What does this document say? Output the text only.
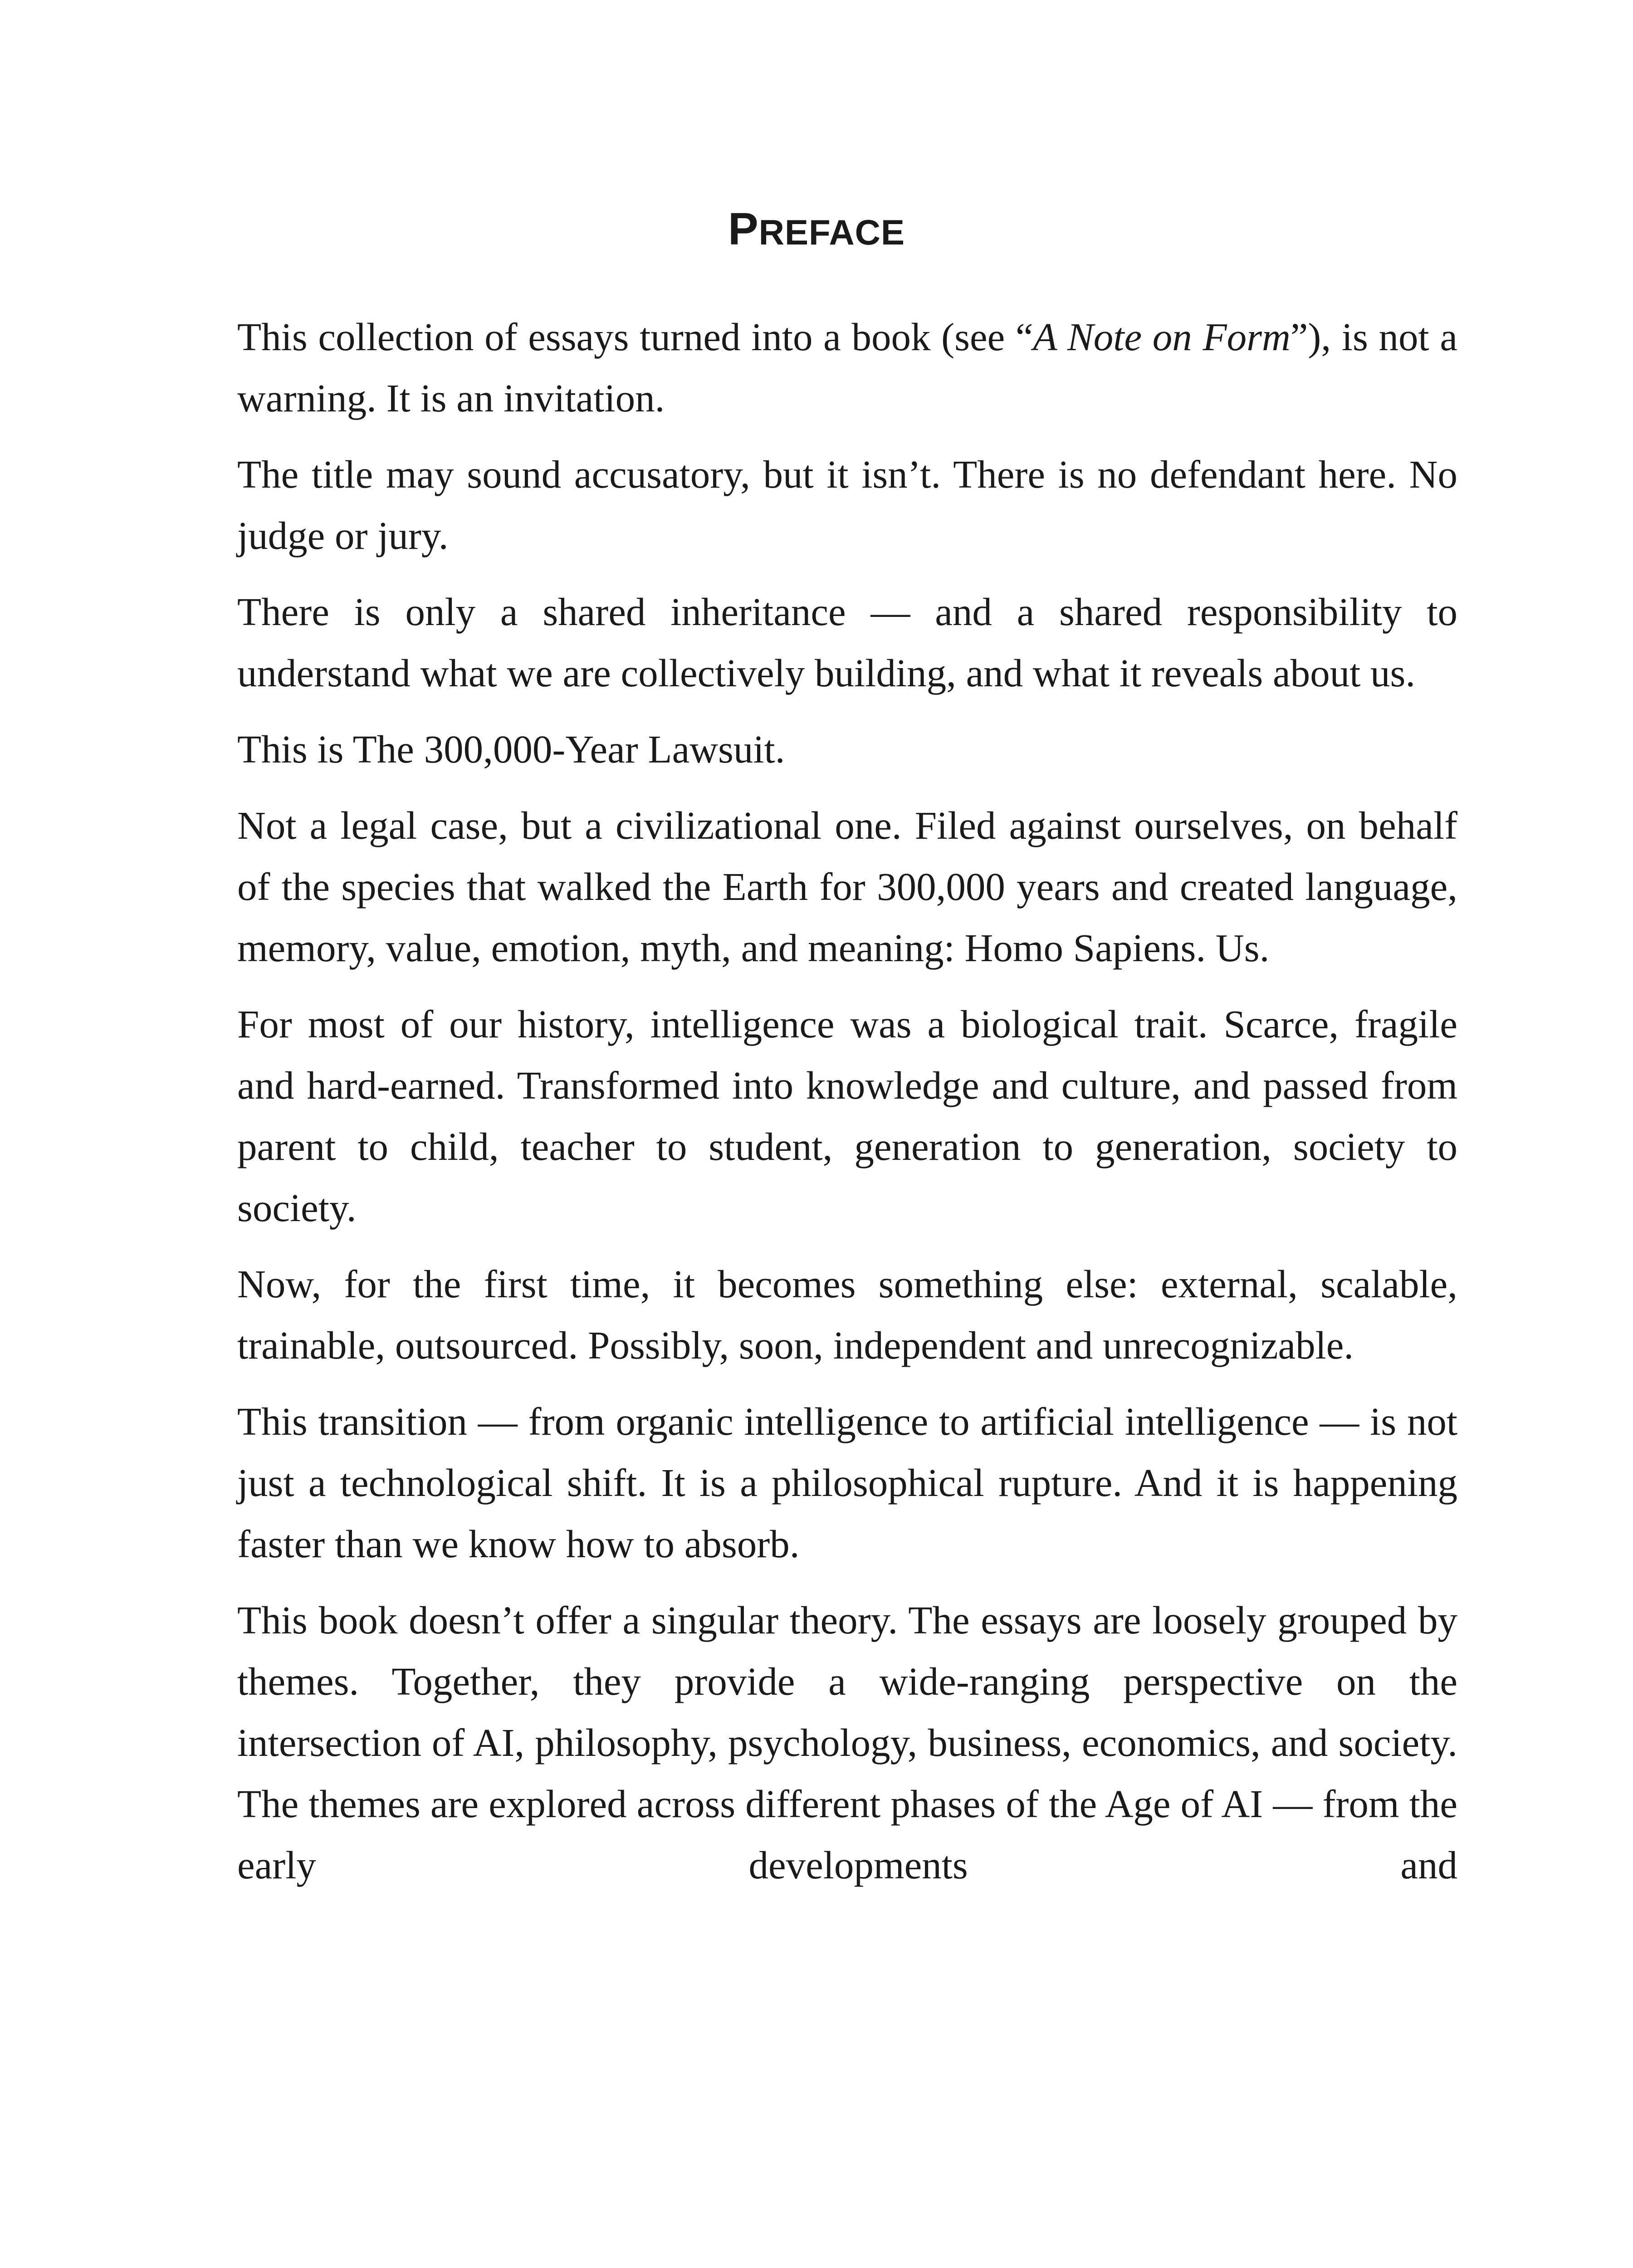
PREFACE

This collection of essays turned into a book (see “A Note on Form”), is not a warning. It is an invitation.

The title may sound accusatory, but it isn’t. There is no defendant here. No judge or jury.

There is only a shared inheritance — and a shared responsibility to understand what we are collectively building, and what it reveals about us.

This is The 300,000-Year Lawsuit.

Not a legal case, but a civilizational one. Filed against ourselves, on behalf of the species that walked the Earth for 300,000 years and created language, memory, value, emotion, myth, and meaning: Homo Sapiens. Us.

For most of our history, intelligence was a biological trait. Scarce, fragile and hard-earned. Transformed into knowledge and culture, and passed from parent to child, teacher to student, generation to generation, society to society.

Now, for the first time, it becomes something else: external, scalable, trainable, outsourced. Possibly, soon, independent and unrecognizable.

This transition — from organic intelligence to artificial intelligence — is not just a technological shift. It is a philosophical rupture. And it is happening faster than we know how to absorb.

This book doesn’t offer a singular theory. The essays are loosely grouped by themes. Together, they provide a wide-ranging perspective on the intersection of AI, philosophy, psychology, business, economics, and society. The themes are explored across different phases of the Age of AI — from the early developments and
